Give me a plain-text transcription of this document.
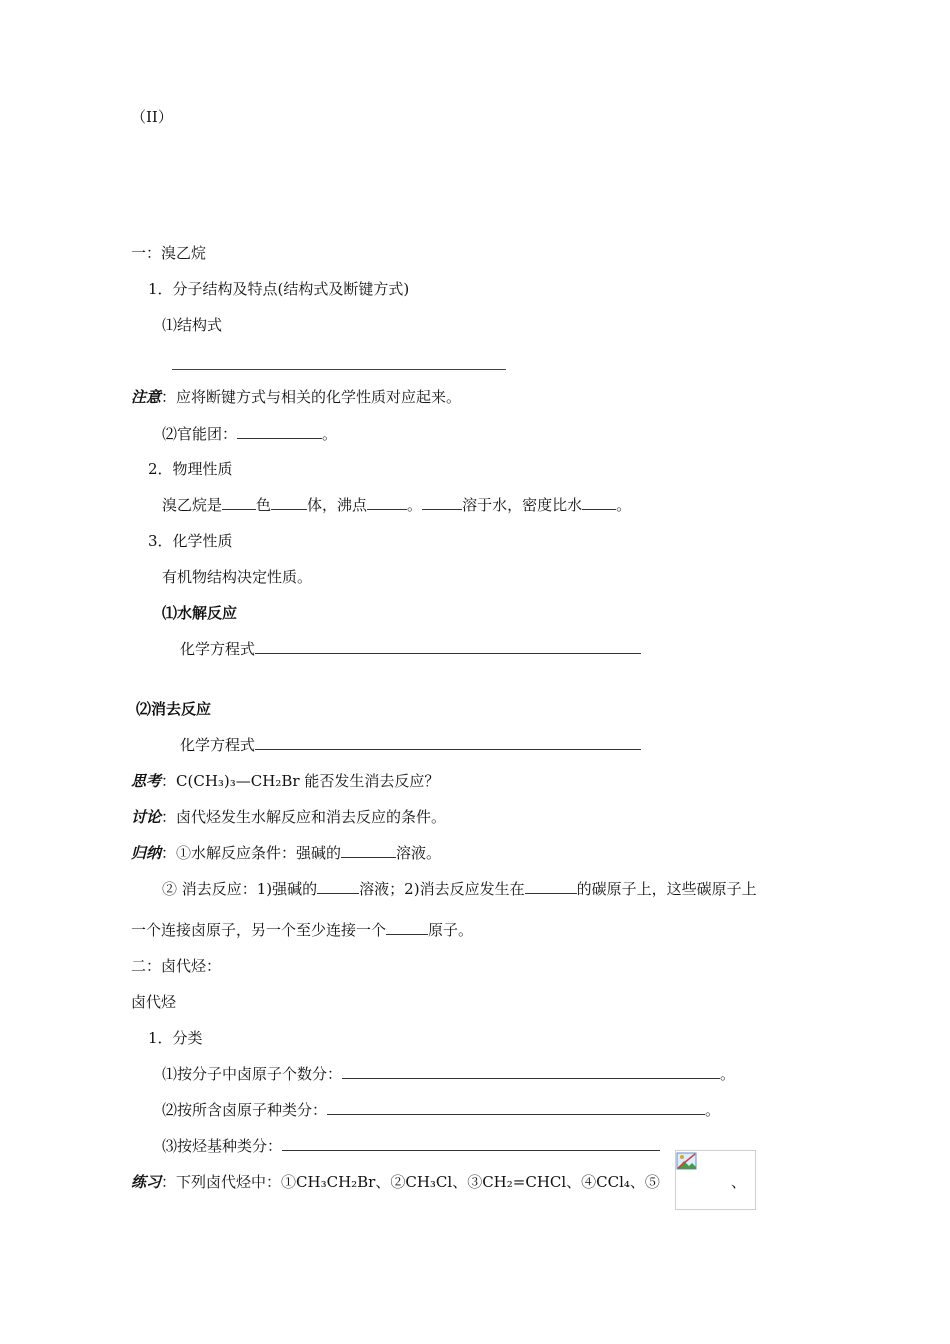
（II）
一：溴乙烷
1．分子结构及特点(结构式及断键方式)
⑴结构式
注意：应将断键方式与相关的化学性质对应起来。
⑵官能团：	。
2．物理性质
溴乙烷是 色 体，沸点	。	溶于水，密度比水 。
3．化学性质
有机物结构决定性质。
⑴水解反应
化学方程式
⑵消去反应
化学方程式
思考：C(CH₃)₃—CH₂Br 能否发生消去反应？
讨论：卤代烃发生水解反应和消去反应的条件。
归纳：①水解反应条件：强碱的	溶液。
② 消去反应：1)强碱的	溶液；2)消去反应发生在	的碳原子上，这些碳原子上
一个连接卤原子，另一个至少连接一个	原子。
二：卤代烃：
卤代烃
1．分类
⑴按分子中卤原子个数分：	。
⑵按所含卤原子种类分：	。
⑶按烃基种类分：
练习：下列卤代烃中：①CH₃CH₂Br、②CH₃Cl、③CH₂=CHCl、④CCl₄、⑤	、
